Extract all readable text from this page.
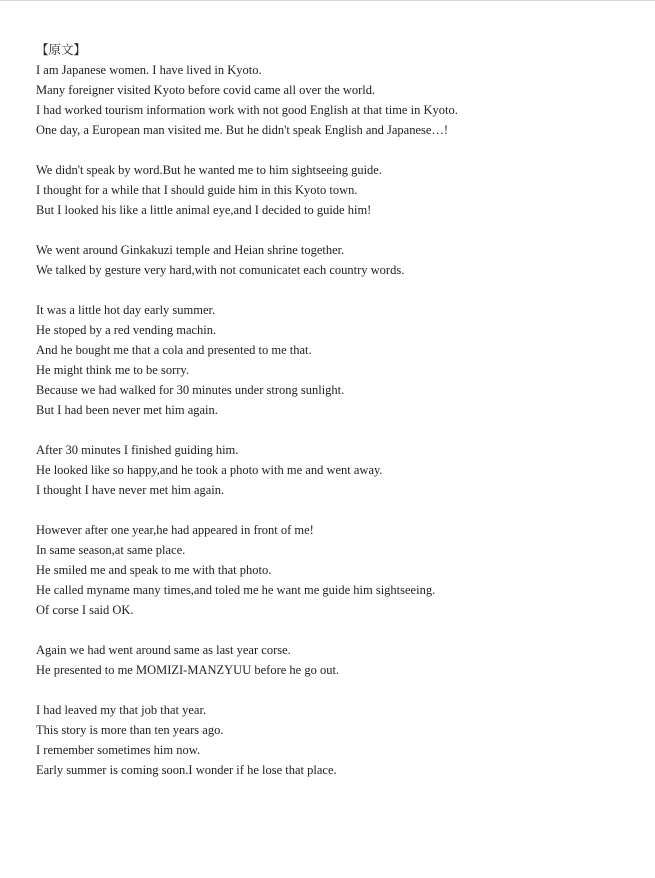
【原文】
I am Japanese women. I have lived in Kyoto.
Many foreigner visited Kyoto before covid came all over the world.
I had worked tourism information work with not good English at that time in Kyoto.
One day, a European man visited me. But he didn't speak English and Japanese…!
We didn't speak by word.But he wanted me to him sightseeing guide.
I thought for a while that I should guide him in this Kyoto town.
But I looked his like a little animal eye,and I decided to guide him!
We went around Ginkakuzi temple and Heian shrine together.
We talked by gesture very hard,with not comunicatet each country words.
It was a little hot day early summer.
He stoped by a red vending machin.
And he bought me that a cola and presented to me that.
He might think me to be sorry.
Because we had walked for 30 minutes under strong sunlight.
But I had been never met him again.
After 30 minutes I finished guiding him.
He looked like so happy,and he took a photo with me and went away.
I thought I have never met him again.
However after one year,he had appeared in front of me!
In same season,at same place.
He smiled me and speak to me with that photo.
He called myname many times,and toled me he want me guide him sightseeing.
Of corse I said OK.
Again we had went around same as last year corse.
He presented to me MOMIZI-MANZYUU before he go out.
I had leaved my that job that year.
This story is more than ten years ago.
I remember sometimes him now.
Early summer is coming soon.I wonder if he lose that place.
